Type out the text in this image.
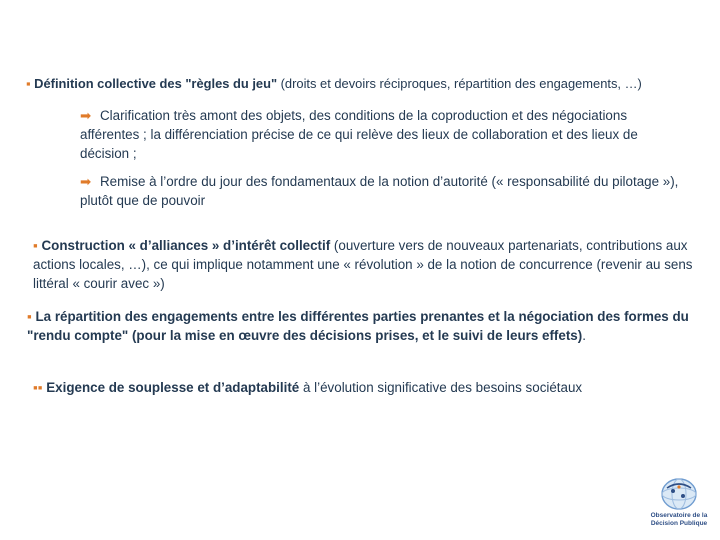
▪ Définition collective des "règles du jeu" (droits et devoirs réciproques, répartition des engagements, …)

➡ Clarification très amont des objets, des conditions de la coproduction et des négociations afférentes ; la différenciation précise de ce qui relève des lieux de collaboration et des lieux de décision ;

➡ Remise à l’ordre du jour des fondamentaux de la notion d’autorité (« responsabilité du pilotage »), plutôt que de pouvoir

▪ Construction « d’alliances » d’intérêt collectif (ouverture vers de nouveaux partenariats, contributions aux actions locales, …), ce qui implique notamment une « révolution » de la notion de concurrence (revenir au sens littéral « courir avec »)

▪ La répartition des engagements entre les différentes parties prenantes et la négociation des formes du "rendu compte" (pour la mise en œuvre des décisions prises, et le suivi de leurs effets).

▪▪ Exigence de souplesse et d’adaptabilité à l’évolution significative des besoins sociétaux

Observatoire de la
Décision Publique
